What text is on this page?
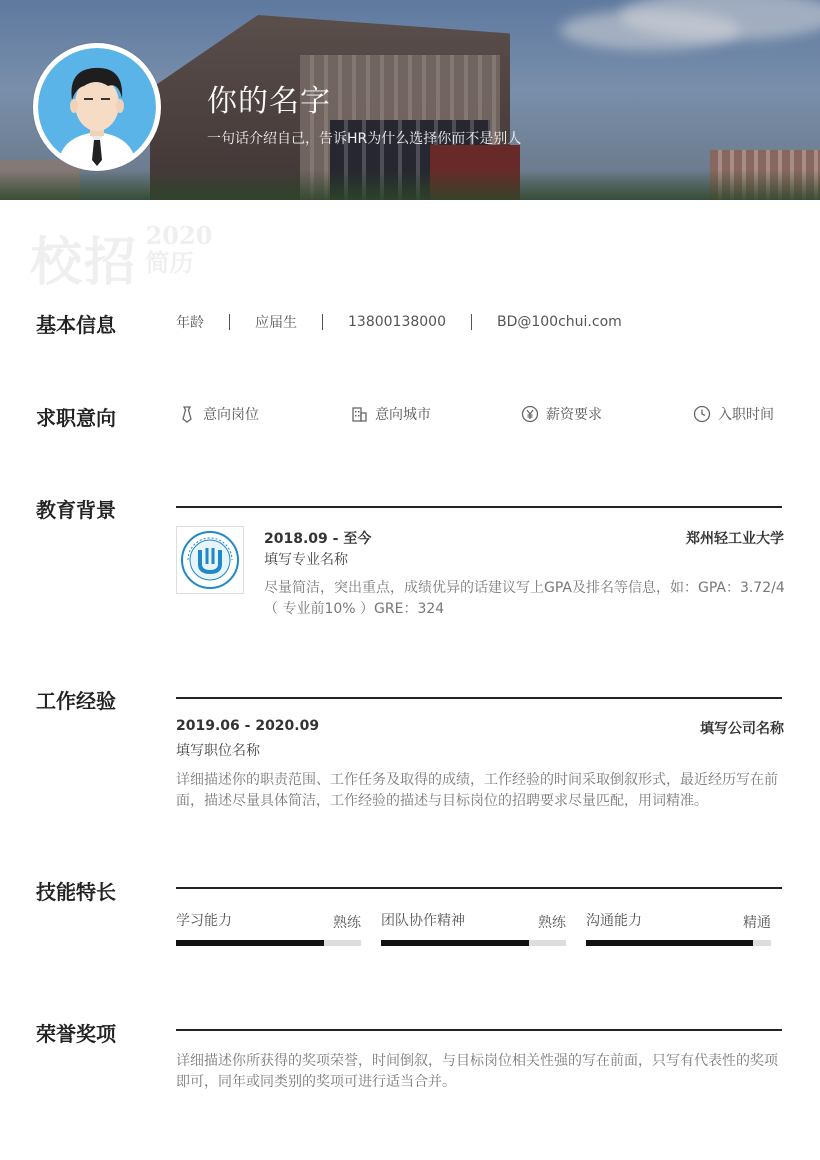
你的名字
一句话介绍自己，告诉HR为什么选择你而不是别人
校招 2020
简历
基本信息	年龄	应届生	13800138000	BD@100chui.com
求职意向	意向岗位	意向城市	薪资要求	入职时间
教育背景
2018.09 - 至今	郑州轻工业大学
填写专业名称
尽量简洁，突出重点，成绩优异的话建议写上GPA及排名等信息，如：GPA：3.72/4（ 专业前10% ）GRE：324
工作经验
2019.06 - 2020.09	填写公司名称
填写职位名称
详细描述你的职责范围、工作任务及取得的成绩，工作经验的时间采取倒叙形式，最近经历写在前面，描述尽量具体简洁，工作经验的描述与目标岗位的招聘要求尽量匹配，用词精准。
技能特长
学习能力	熟练 团队协作精神	熟练 沟通能力	精通
荣誉奖项
详细描述你所获得的奖项荣誉，时间倒叙，与目标岗位相关性强的写在前面，只写有代表性的奖项即可，同年或同类别的奖项可进行适当合并。
